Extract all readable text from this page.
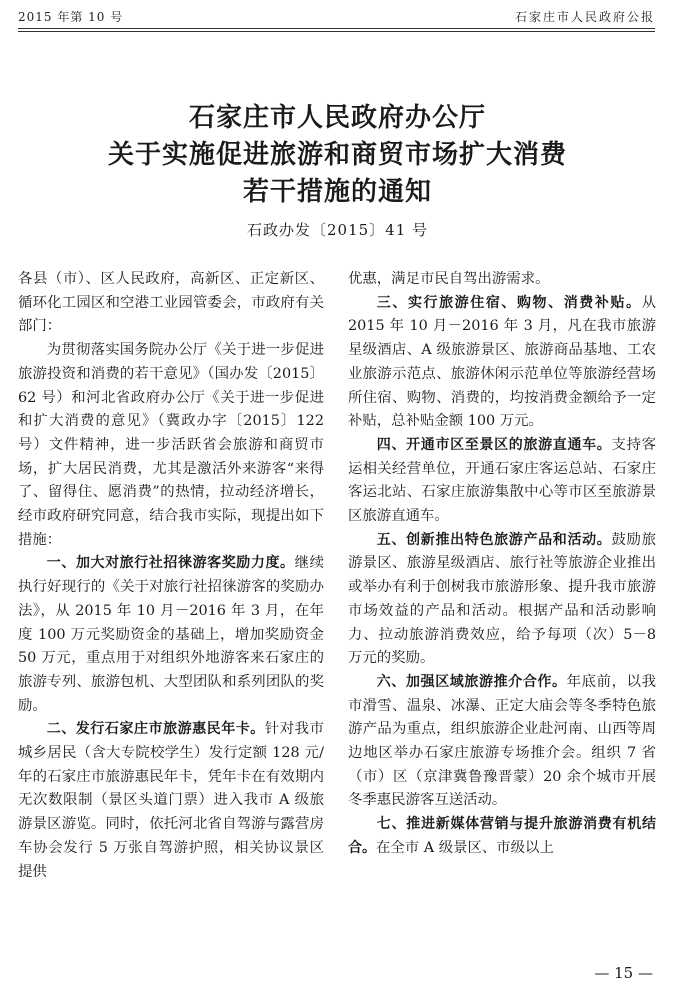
2015 年第 10 号	石家庄市人民政府公报
石家庄市人民政府办公厅
关于实施促进旅游和商贸市场扩大消费
若干措施的通知
石政办发〔2015〕41 号

各县（市）、区人民政府，高新区、正定新区、循环化工园区和空港工业园管委会，市政府有关部门：

为贯彻落实国务院办公厅《关于进一步促进旅游投资和消费的若干意见》（国办发〔2015〕62 号）和河北省政府办公厅《关于进一步促进和扩大消费的意见》（冀政办字〔2015〕122 号）文件精神，进一步活跃省会旅游和商贸市场，扩大居民消费，尤其是激活外来游客“来得了、留得住、愿消费”的热情，拉动经济增长，经市政府研究同意，结合我市实际，现提出如下措施：

一、加大对旅行社招徕游客奖励力度。继续执行好现行的《关于对旅行社招徕游客的奖励办法》，从 2015 年 10 月－2016 年 3 月，在年度 100 万元奖励资金的基础上，增加奖励资金 50 万元，重点用于对组织外地游客来石家庄的旅游专列、旅游包机、大型团队和系列团队的奖励。

二、发行石家庄市旅游惠民年卡。针对我市城乡居民（含大专院校学生）发行定额 128 元/年的石家庄市旅游惠民年卡，凭年卡在有效期内无次数限制（景区头道门票）进入我市 A 级旅游景区游览。同时，依托河北省自驾游与露营房车协会发行 5 万张自驾游护照，相关协议景区提供

优惠，满足市民自驾出游需求。

三、实行旅游住宿、购物、消费补贴。从 2015 年 10 月－2016 年 3 月，凡在我市旅游星级酒店、A 级旅游景区、旅游商品基地、工农业旅游示范点、旅游休闲示范单位等旅游经营场所住宿、购物、消费的，均按消费金额给予一定补贴，总补贴金额 100 万元。

四、开通市区至景区的旅游直通车。支持客运相关经营单位，开通石家庄客运总站、石家庄客运北站、石家庄旅游集散中心等市区至旅游景区旅游直通车。

五、创新推出特色旅游产品和活动。鼓励旅游景区、旅游星级酒店、旅行社等旅游企业推出或举办有利于创树我市旅游形象、提升我市旅游市场效益的产品和活动。根据产品和活动影响力、拉动旅游消费效应，给予每项（次）5－8 万元的奖励。

六、加强区域旅游推介合作。年底前，以我市滑雪、温泉、冰瀑、正定大庙会等冬季特色旅游产品为重点，组织旅游企业赴河南、山西等周边地区举办石家庄旅游专场推介会。组织 7 省（市）区（京津冀鲁豫晋蒙）20 余个城市开展冬季惠民游客互送活动。

七、推进新媒体营销与提升旅游消费有机结合。在全市 A 级景区、市级以上

— 15 —
